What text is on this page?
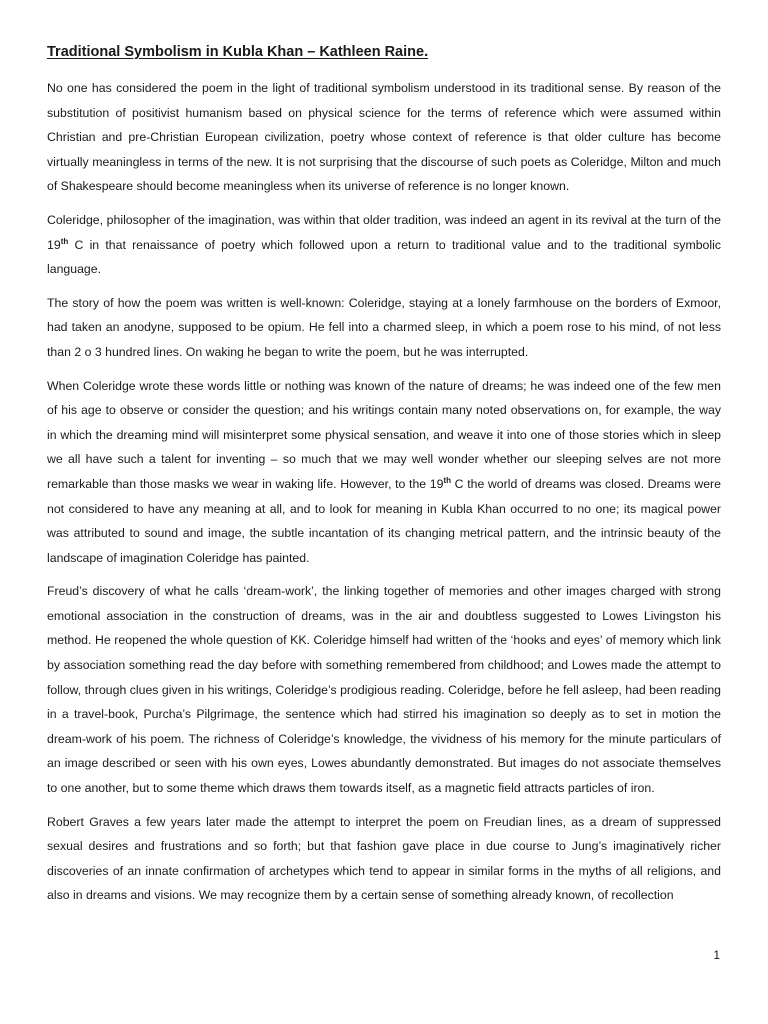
Traditional Symbolism in Kubla Khan – Kathleen Raine.

No one has considered the poem in the light of traditional symbolism understood in its traditional sense. By reason of the substitution of positivist humanism based on physical science for the terms of reference which were assumed within Christian and pre-Christian European civilization, poetry whose context of reference is that older culture has become virtually meaningless in terms of the new. It is not surprising that the discourse of such poets as Coleridge, Milton and much of Shakespeare should become meaningless when its universe of reference is no longer known.

Coleridge, philosopher of the imagination, was within that older tradition, was indeed an agent in its revival at the turn of the 19th C in that renaissance of poetry which followed upon a return to traditional value and to the traditional symbolic language.

The story of how the poem was written is well-known: Coleridge, staying at a lonely farmhouse on the borders of Exmoor, had taken an anodyne, supposed to be opium. He fell into a charmed sleep, in which a poem rose to his mind, of not less than 2 o 3 hundred lines. On waking he began to write the poem, but he was interrupted.

When Coleridge wrote these words little or nothing was known of the nature of dreams; he was indeed one of the few men of his age to observe or consider the question; and his writings contain many noted observations on, for example, the way in which the dreaming mind will misinterpret some physical sensation, and weave it into one of those stories which in sleep we all have such a talent for inventing – so much that we may well wonder whether our sleeping selves are not more remarkable than those masks we wear in waking life. However, to the 19th C the world of dreams was closed. Dreams were not considered to have any meaning at all, and to look for meaning in Kubla Khan occurred to no one; its magical power was attributed to sound and image, the subtle incantation of its changing metrical pattern, and the intrinsic beauty of the landscape of imagination Coleridge has painted.

Freud’s discovery of what he calls ‘dream-work’, the linking together of memories and other images charged with strong emotional association in the construction of dreams, was in the air and doubtless suggested to Lowes Livingston his method. He reopened the whole question of KK. Coleridge himself had written of the ‘hooks and eyes’ of memory which link by association something read the day before with something remembered from childhood; and Lowes made the attempt to follow, through clues given in his writings, Coleridge’s prodigious reading. Coleridge, before he fell asleep, had been reading in a travel-book, Purcha’s Pilgrimage, the sentence which had stirred his imagination so deeply as to set in motion the dream-work of his poem. The richness of Coleridge’s knowledge, the vividness of his memory for the minute particulars of an image described or seen with his own eyes, Lowes abundantly demonstrated. But images do not associate themselves to one another, but to some theme which draws them towards itself, as a magnetic field attracts particles of iron.

Robert Graves a few years later made the attempt to interpret the poem on Freudian lines, as a dream of suppressed sexual desires and frustrations and so forth; but that fashion gave place in due course to Jung’s imaginatively richer discoveries of an innate confirmation of archetypes which tend to appear in similar forms in the myths of all religions, and also in dreams and visions. We may recognize them by a certain sense of something already known, of recollection

1
